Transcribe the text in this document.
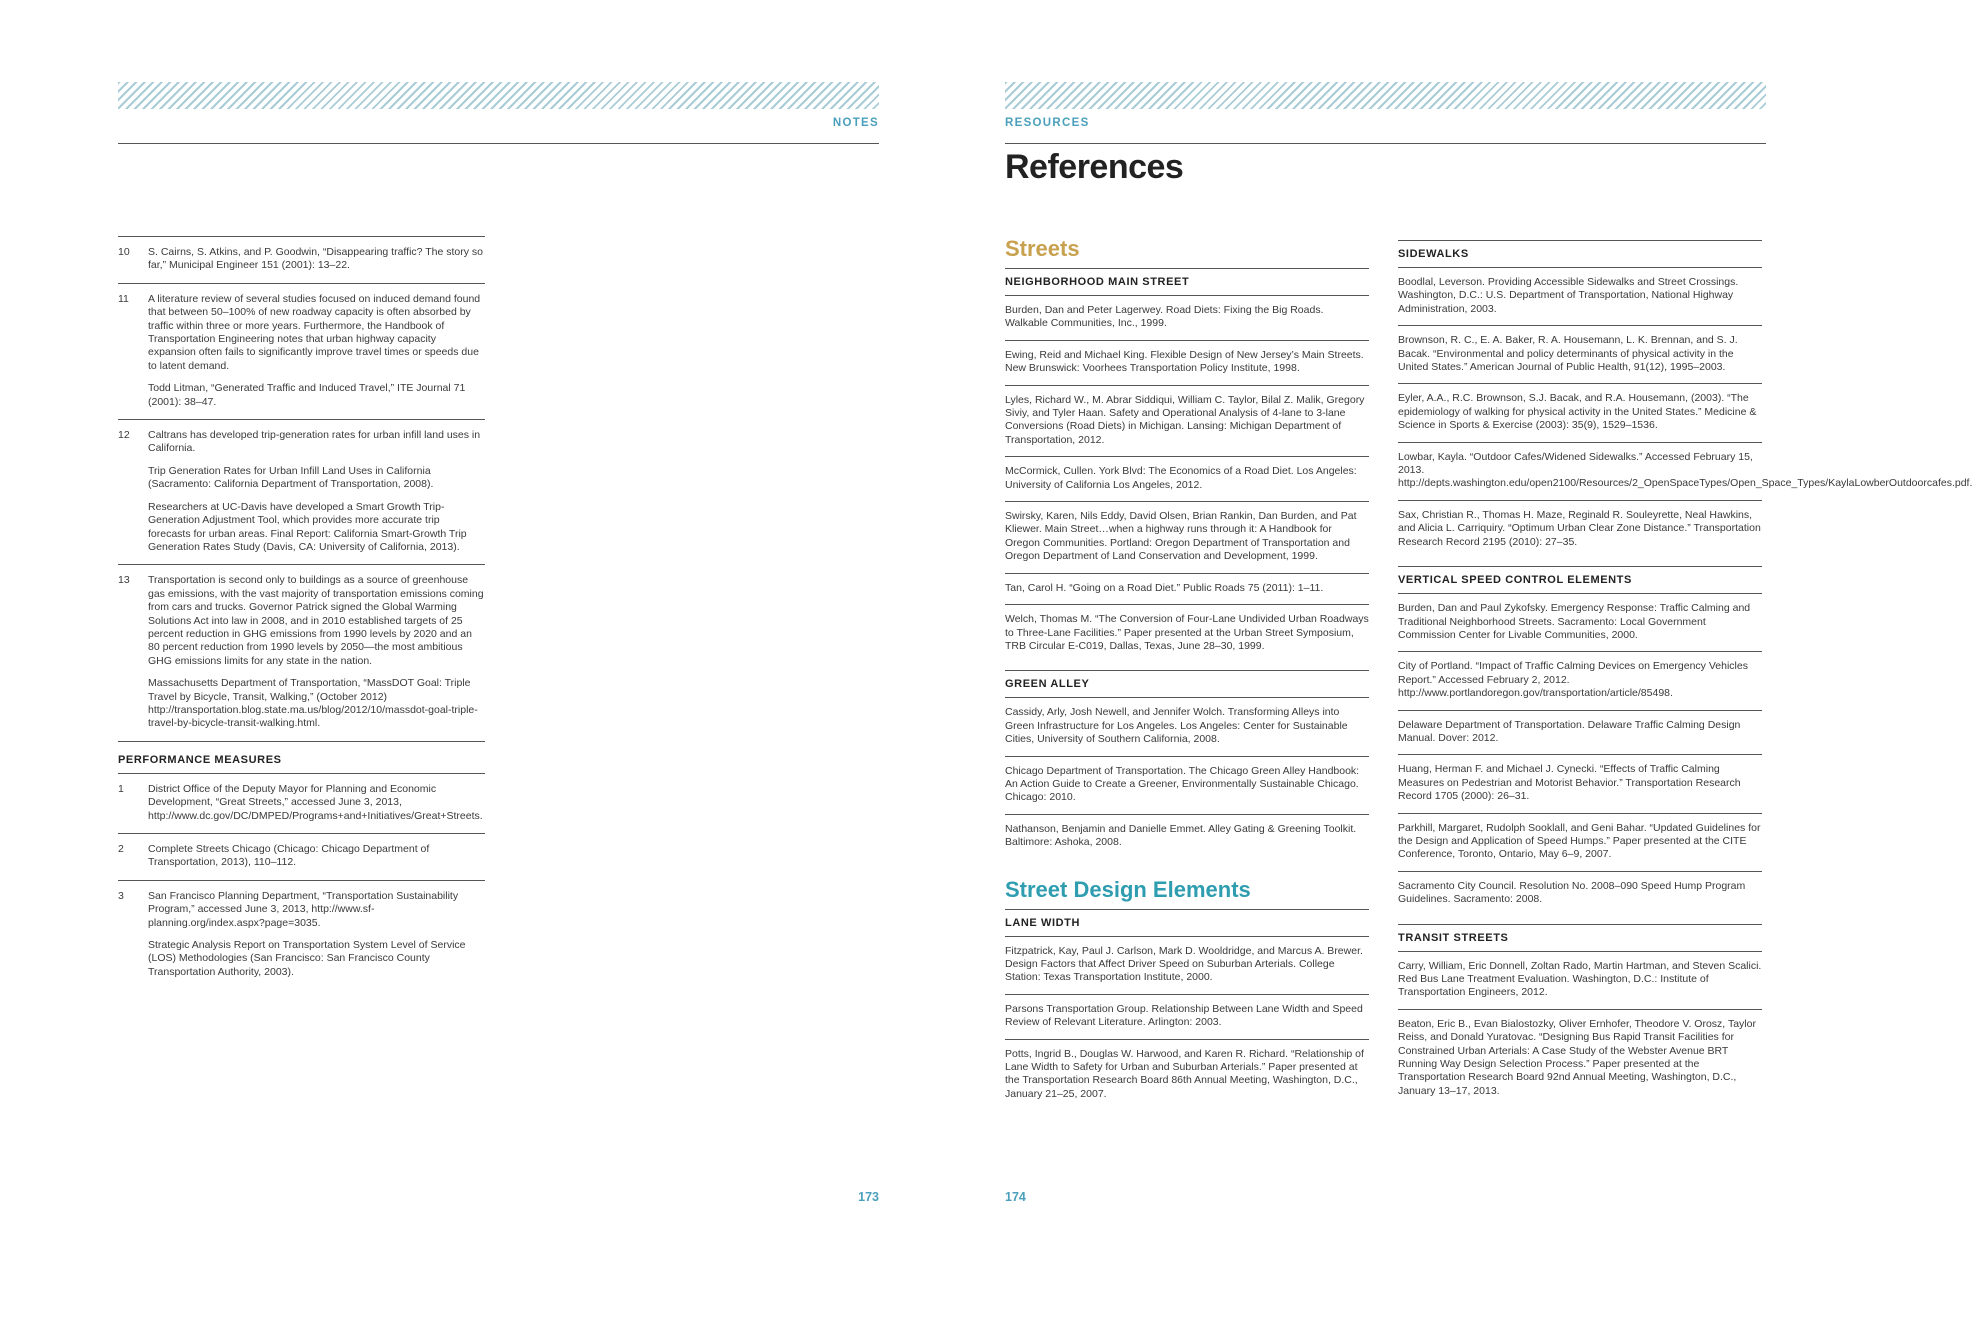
NOTES
10	S. Cairns, S. Atkins, and P. Goodwin, “Disappearing traffic? The story so far,” Municipal Engineer 151 (2001): 13–22.

11	A literature review of several studies focused on induced demand found that between 50–100% of new roadway capacity is often absorbed by traffic within three or more years. Furthermore, the Handbook of Transportation Engineering notes that urban highway capacity expansion often fails to significantly improve travel times or speeds due to latent demand.

Todd Litman, “Generated Traffic and Induced Travel,” ITE Journal 71 (2001): 38–47.

12	Caltrans has developed trip-generation rates for urban infill land uses in California.

Trip Generation Rates for Urban Infill Land Uses in California (Sacramento: California Department of Transportation, 2008).

Researchers at UC-Davis have developed a Smart Growth Trip-Generation Adjustment Tool, which provides more accurate trip forecasts for urban areas. Final Report: California Smart-Growth Trip Generation Rates Study (Davis, CA: University of California, 2013).

13	Transportation is second only to buildings as a source of greenhouse gas emissions, with the vast majority of transportation emissions coming from cars and trucks. Governor Patrick signed the Global Warming Solutions Act into law in 2008, and in 2010 established targets of 25 percent reduction in GHG emissions from 1990 levels by 2020 and an 80 percent reduction from 1990 levels by 2050—the most ambitious GHG emissions limits for any state in the nation.

Massachusetts Department of Transportation, “MassDOT Goal: Triple Travel by Bicycle, Transit, Walking,” (October 2012) http://transportation.blog.state.ma.us/blog/2012/10/massdot-goal-triple-travel-by-bicycle-transit-walking.html.

PERFORMANCE MEASURES
1	District Office of the Deputy Mayor for Planning and Economic Development, “Great Streets,” accessed June 3, 2013, http://www.dc.gov/DC/DMPED/Programs+and+Initiatives/Great+Streets.

2	Complete Streets Chicago (Chicago: Chicago Department of Transportation, 2013), 110–112.

3	San Francisco Planning Department, “Transportation Sustainability Program,” accessed June 3, 2013, http://www.sf-planning.org/index.aspx?page=3035.

Strategic Analysis Report on Transportation System Level of Service (LOS) Methodologies (San Francisco: San Francisco County Transportation Authority, 2003).

173
RESOURCES
References
Streets
NEIGHBORHOOD MAIN STREET
Burden, Dan and Peter Lagerwey. Road Diets: Fixing the Big Roads. Walkable Communities, Inc., 1999.
Ewing, Reid and Michael King. Flexible Design of New Jersey’s Main Streets. New Brunswick: Voorhees Transportation Policy Institute, 1998.
Lyles, Richard W., M. Abrar Siddiqui, William C. Taylor, Bilal Z. Malik, Gregory Siviy, and Tyler Haan. Safety and Operational Analysis of 4-lane to 3-lane Conversions (Road Diets) in Michigan. Lansing: Michigan Department of Transportation, 2012.
McCormick, Cullen. York Blvd: The Economics of a Road Diet. Los Angeles: University of California Los Angeles, 2012.
Swirsky, Karen, Nils Eddy, David Olsen, Brian Rankin, Dan Burden, and Pat Kliewer. Main Street…when a highway runs through it: A Handbook for Oregon Communities. Portland: Oregon Department of Transportation and Oregon Department of Land Conservation and Development, 1999.
Tan, Carol H. “Going on a Road Diet.” Public Roads 75 (2011): 1–11.
Welch, Thomas M. “The Conversion of Four-Lane Undivided Urban Roadways to Three-Lane Facilities.” Paper presented at the Urban Street Symposium, TRB Circular E-C019, Dallas, Texas, June 28–30, 1999.
GREEN ALLEY
Cassidy, Arly, Josh Newell, and Jennifer Wolch. Transforming Alleys into Green Infrastructure for Los Angeles. Los Angeles: Center for Sustainable Cities, University of Southern California, 2008.
Chicago Department of Transportation. The Chicago Green Alley Handbook: An Action Guide to Create a Greener, Environmentally Sustainable Chicago. Chicago: 2010.
Nathanson, Benjamin and Danielle Emmet. Alley Gating & Greening Toolkit. Baltimore: Ashoka, 2008.
Street Design Elements
LANE WIDTH
Fitzpatrick, Kay, Paul J. Carlson, Mark D. Wooldridge, and Marcus A. Brewer. Design Factors that Affect Driver Speed on Suburban Arterials. College Station: Texas Transportation Institute, 2000.
Parsons Transportation Group. Relationship Between Lane Width and Speed Review of Relevant Literature. Arlington: 2003.
Potts, Ingrid B., Douglas W. Harwood, and Karen R. Richard. “Relationship of Lane Width to Safety for Urban and Suburban Arterials.” Paper presented at the Transportation Research Board 86th Annual Meeting, Washington, D.C., January 21–25, 2007.
SIDEWALKS
Boodlal, Leverson. Providing Accessible Sidewalks and Street Crossings. Washington, D.C.: U.S. Department of Transportation, National Highway Administration, 2003.
Brownson, R. C., E. A. Baker, R. A. Housemann, L. K. Brennan, and S. J. Bacak. “Environmental and policy determinants of physical activity in the United States.” American Journal of Public Health, 91(12), 1995–2003.
Eyler, A.A., R.C. Brownson, S.J. Bacak, and R.A. Housemann, (2003). “The epidemiology of walking for physical activity in the United States.” Medicine & Science in Sports & Exercise (2003): 35(9), 1529–1536.
Lowbar, Kayla. “Outdoor Cafes/Widened Sidewalks.” Accessed February 15, 2013. http://depts.washington.edu/open2100/Resources/2_OpenSpaceTypes/Open_Space_Types/KaylaLowberOutdoorcafes.pdf.
Sax, Christian R., Thomas H. Maze, Reginald R. Souleyrette, Neal Hawkins, and Alicia L. Carriquiry. “Optimum Urban Clear Zone Distance.” Transportation Research Record 2195 (2010): 27–35.
VERTICAL SPEED CONTROL ELEMENTS
Burden, Dan and Paul Zykofsky. Emergency Response: Traffic Calming and Traditional Neighborhood Streets. Sacramento: Local Government Commission Center for Livable Communities, 2000.
City of Portland. “Impact of Traffic Calming Devices on Emergency Vehicles Report.” Accessed February 2, 2012. http://www.portlandoregon.gov/transportation/article/85498.
Delaware Department of Transportation. Delaware Traffic Calming Design Manual. Dover: 2012.
Huang, Herman F. and Michael J. Cynecki. “Effects of Traffic Calming Measures on Pedestrian and Motorist Behavior.” Transportation Research Record 1705 (2000): 26–31.
Parkhill, Margaret, Rudolph Sooklall, and Geni Bahar. “Updated Guidelines for the Design and Application of Speed Humps.” Paper presented at the CITE Conference, Toronto, Ontario, May 6–9, 2007.
Sacramento City Council. Resolution No. 2008–090 Speed Hump Program Guidelines. Sacramento: 2008.
TRANSIT STREETS
Carry, William, Eric Donnell, Zoltan Rado, Martin Hartman, and Steven Scalici. Red Bus Lane Treatment Evaluation. Washington, D.C.: Institute of Transportation Engineers, 2012.
Beaton, Eric B., Evan Bialostozky, Oliver Ernhofer, Theodore V. Orosz, Taylor Reiss, and Donald Yuratovac. “Designing Bus Rapid Transit Facilities for Constrained Urban Arterials: A Case Study of the Webster Avenue BRT Running Way Design Selection Process.” Paper presented at the Transportation Research Board 92nd Annual Meeting, Washington, D.C., January 13–17, 2013.
174
